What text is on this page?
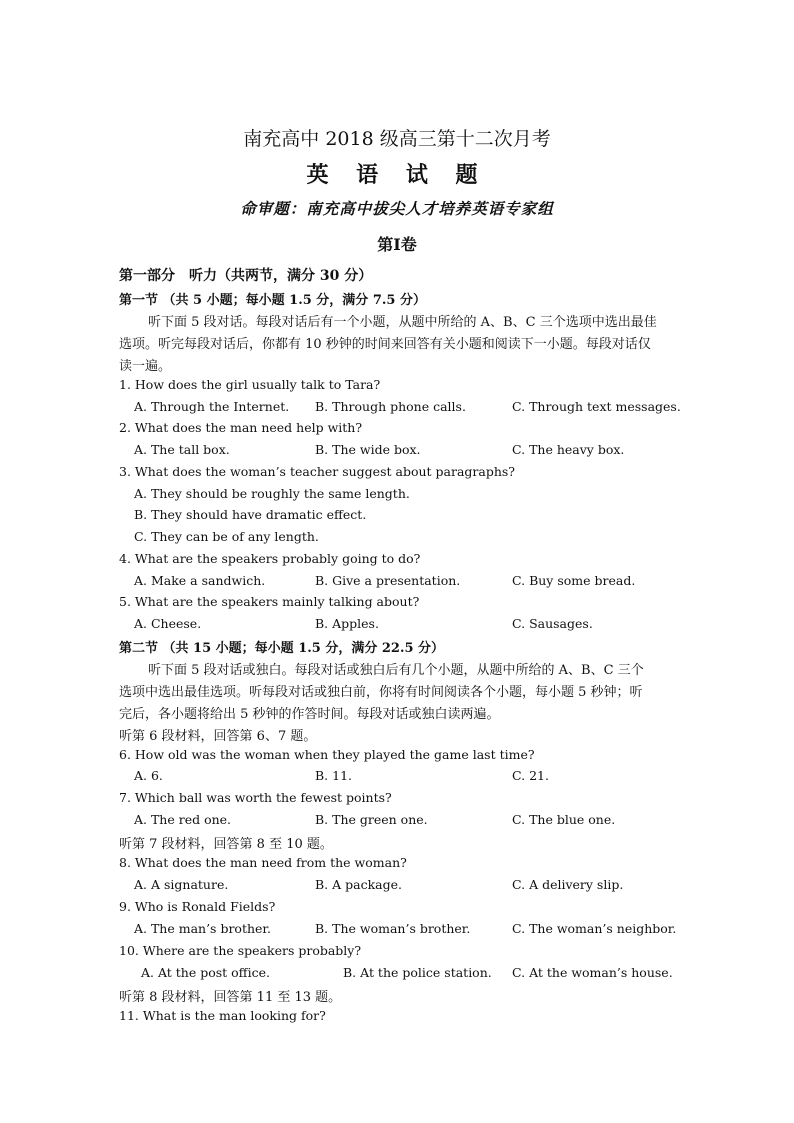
南充高中 2018 级高三第十二次月考
英 语 试 题
命审题：南充高中拔尖人才培养英语专家组
第Ⅰ卷
第一部分　听力（共两节，满分 30 分）
第一节 （共 5 小题；每小题 1.5 分，满分 7.5 分）
听下面 5 段对话。每段对话后有一个小题，从题中所给的 A、B、C 三个选项中选出最佳
选项。听完每段对话后，你都有 10 秒钟的时间来回答有关小题和阅读下一小题。每段对话仅
读一遍。
1. How does the girl usually talk to Tara?
A. Through the Internet. B. Through phone calls.	C. Through text messages.
2. What does the man need help with?
A. The tall box.	B. The wide box.	C. The heavy box.
3. What does the woman’s teacher suggest about paragraphs?
A. They should be roughly the same length.
B. They should have dramatic effect.
C. They can be of any length.
4. What are the speakers probably going to do?
A. Make a sandwich.	B. Give a presentation.	C. Buy some bread.
5. What are the speakers mainly talking about?
A. Cheese.	B. Apples.	C. Sausages.
第二节 （共 15 小题；每小题 1.5 分，满分 22.5 分）
听下面 5 段对话或独白。每段对话或独白后有几个小题，从题中所给的 A、B、C 三个
选项中选出最佳选项。听每段对话或独白前，你将有时间阅读各个小题，每小题 5 秒钟；听
完后，各小题将给出 5 秒钟的作答时间。每段对话或独白读两遍。
听第 6 段材料，回答第 6、7 题。
6. How old was the woman when they played the game last time?
A. 6.	B. 11.	C. 21.
7. Which ball was worth the fewest points?
A. The red one.	B. The green one.	C. The blue one.
听第 7 段材料，回答第 8 至 10 题。
8. What does the man need from the woman?
A. A signature.	B. A package.	C. A delivery slip.
9. Who is Ronald Fields?
A. The man’s brother.	B. The woman’s brother.	C. The woman’s neighbor.
10. Where are the speakers probably?
A. At the post office.	B. At the police station. C. At the woman’s house.
听第 8 段材料，回答第 11 至 13 题。
11. What is the man looking for?
